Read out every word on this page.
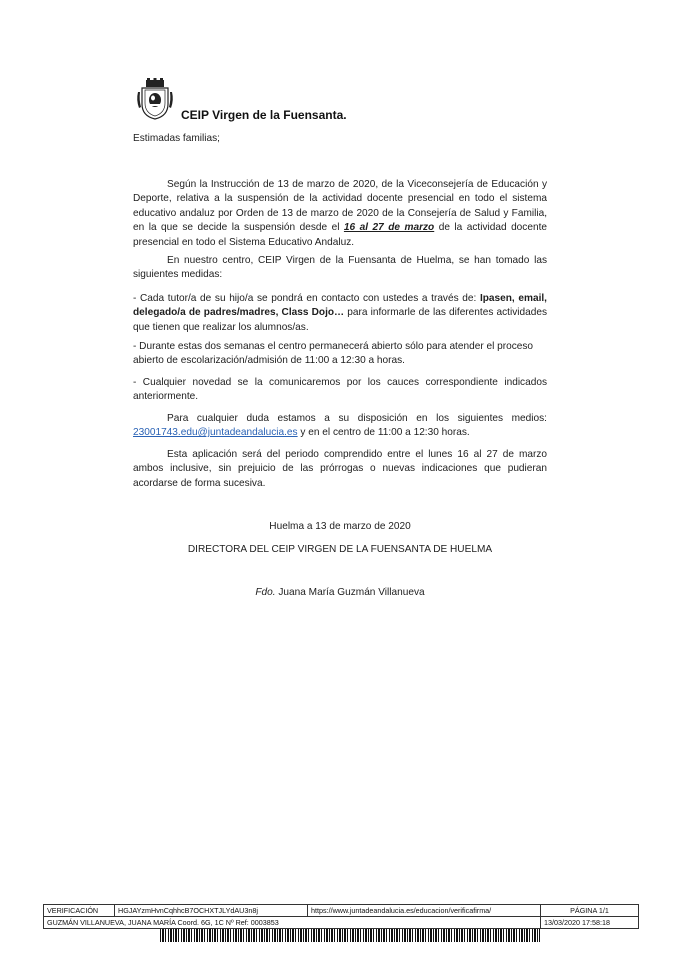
CEIP Virgen de la Fuensanta.
Estimadas familias;
Según la Instrucción de 13 de marzo de 2020, de la Viceconsejería de Educación y Deporte, relativa a la suspensión de la actividad docente presencial en todo el sistema educativo andaluz por Orden de 13 de marzo de 2020 de la Consejería de Salud y Familia, en la que se decide la suspensión desde el 16 al 27 de marzo de la actividad docente presencial en todo el Sistema Educativo Andaluz.
En nuestro centro, CEIP Virgen de la Fuensanta de Huelma, se han tomado las siguientes medidas:
- Cada tutor/a de su hijo/a se pondrá en contacto con ustedes a través de: Ipasen, email, delegado/a de padres/madres, Class Dojo… para informarle de las diferentes actividades que tienen que realizar los alumnos/as.
- Durante estas dos semanas el centro permanecerá abierto sólo para atender el proceso abierto de escolarización/admisión de 11:00 a 12:30 a horas.
- Cualquier novedad se la comunicaremos por los cauces correspondiente indicados anteriormente.
Para cualquier duda estamos a su disposición en los siguientes medios: 23001743.edu@juntadeandalucia.es y en el centro de 11:00 a 12:30 horas.
Esta aplicación será del periodo comprendido entre el lunes 16 al 27 de marzo ambos inclusive, sin prejuicio de las prórrogas o nuevas indicaciones que pudieran acordarse de forma sucesiva.
Huelma a 13 de marzo de 2020
DIRECTORA DEL CEIP VIRGEN DE LA FUENSANTA DE HUELMA
Fdo. Juana María Guzmán Villanueva
VERIFICACIÓN	HGJAYzmHvnCqhhcB7OCHXTJLYdAU3n8j	https://www.juntadeandalucia.es/educacion/verificafirma/	PÁGINA 1/1
GUZMÁN VILLANUEVA, JUANA MARÍA Coord. 6G, 1C Nº Ref: 0003853	13/03/2020 17:58:18
